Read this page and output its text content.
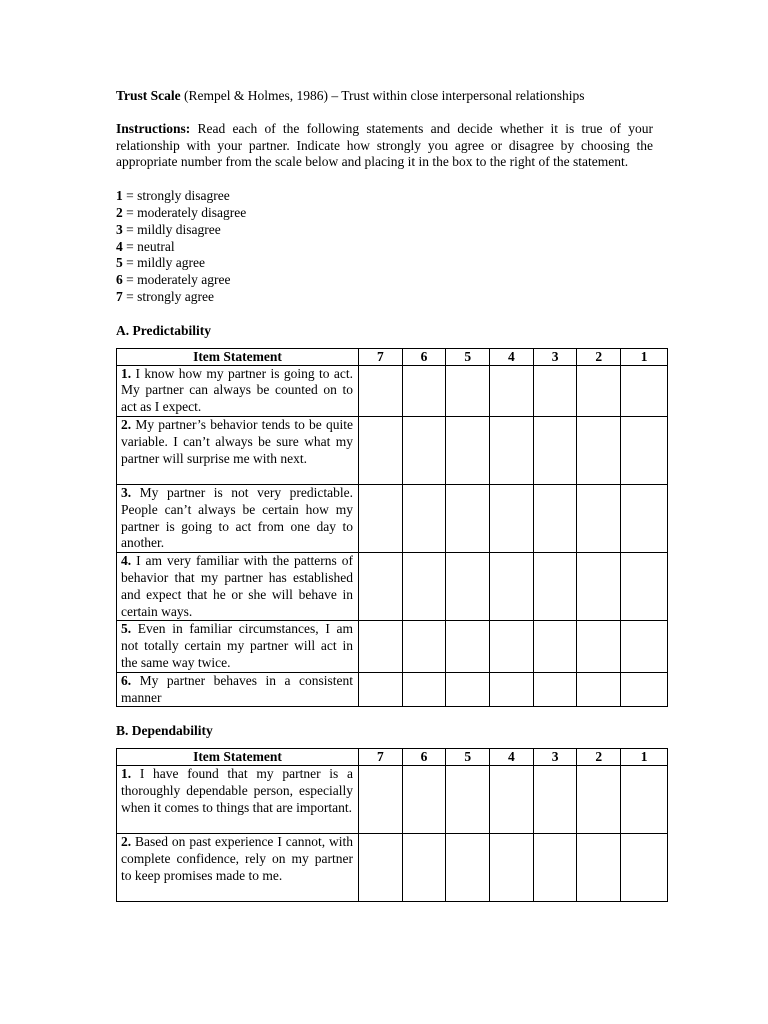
Trust Scale (Rempel & Holmes, 1986) – Trust within close interpersonal relationships

Instructions: Read each of the following statements and decide whether it is true of your relationship with your partner. Indicate how strongly you agree or disagree by choosing the appropriate number from the scale below and placing it in the box to the right of the statement.

1 = strongly disagree
2 = moderately disagree
3 = mildly disagree
4 = neutral
5 = mildly agree
6 = moderately agree
7 = strongly agree

A. Predictability

Item Statement	7	6	5	4	3	2	1
1. I know how my partner is going to act. My partner can always be counted on to act as I expect.							
2. My partner’s behavior tends to be quite variable. I can’t always be sure what my partner will surprise me with next.							
3. My partner is not very predictable. People can’t always be certain how my partner is going to act from one day to another.							
4. I am very familiar with the patterns of behavior that my partner has established and expect that he or she will behave in certain ways.							
5. Even in familiar circumstances, I am not totally certain my partner will act in the same way twice.							
6. My partner behaves in a consistent manner							

B. Dependability

Item Statement	7	6	5	4	3	2	1
1. I have found that my partner is a thoroughly dependable person, especially when it comes to things that are important.							
2. Based on past experience I cannot, with complete confidence, rely on my partner to keep promises made to me.							
